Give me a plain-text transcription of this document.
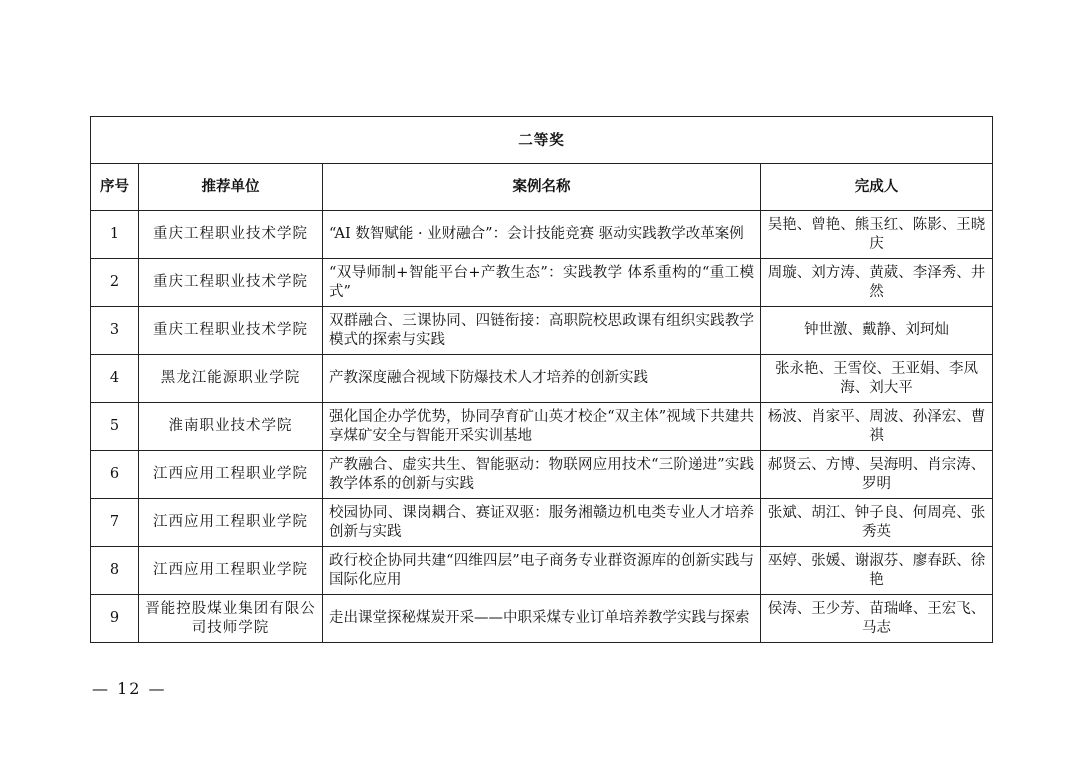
二等奖			
序号	推荐单位	案例名称	完成人
1	重庆工程职业技术学院	“AI 数智赋能 · 业财融合”：会计技能竞赛 驱动实践教学改革案例	吴艳、曾艳、熊玉红、陈影、王晓庆
2	重庆工程职业技术学院	“双导师制+智能平台+产教生态”：实践教学 体系重构的“重工模式”	周璇、刘方涛、黄葳、李泽秀、井然
3	重庆工程职业技术学院	双群融合、三课协同、四链衔接：高职院校思政课有组织实践教学模式的探索与实践	钟世激、戴静、刘珂灿
4	黑龙江能源职业学院	产教深度融合视域下防爆技术人才培养的创新实践	张永艳、王雪佼、王亚娟、李凤海、刘大平
5	淮南职业技术学院	强化国企办学优势，协同孕育矿山英才校企“双主体”视域下共建共享煤矿安全与智能开采实训基地	杨波、肖家平、周波、孙泽宏、曹祺
6	江西应用工程职业学院	产教融合、虚实共生、智能驱动：物联网应用技术“三阶递进”实践教学体系的创新与实践	郝贤云、方博、吴海明、肖宗涛、罗明
7	江西应用工程职业学院	校园协同、课岗耦合、赛证双驱：服务湘赣边机电类专业人才培养创新与实践	张斌、胡江、钟子良、何周亮、张秀英
8	江西应用工程职业学院	政行校企协同共建“四维四层”电子商务专业群资源库的创新实践与国际化应用	巫婷、张媛、谢淑芬、廖春跃、徐艳
9	晋能控股煤业集团有限公司技师学院	走出课堂探秘煤炭开采——中职采煤专业订单培养教学实践与探索	侯涛、王少芳、苗瑞峰、王宏飞、马志
— 12 —
